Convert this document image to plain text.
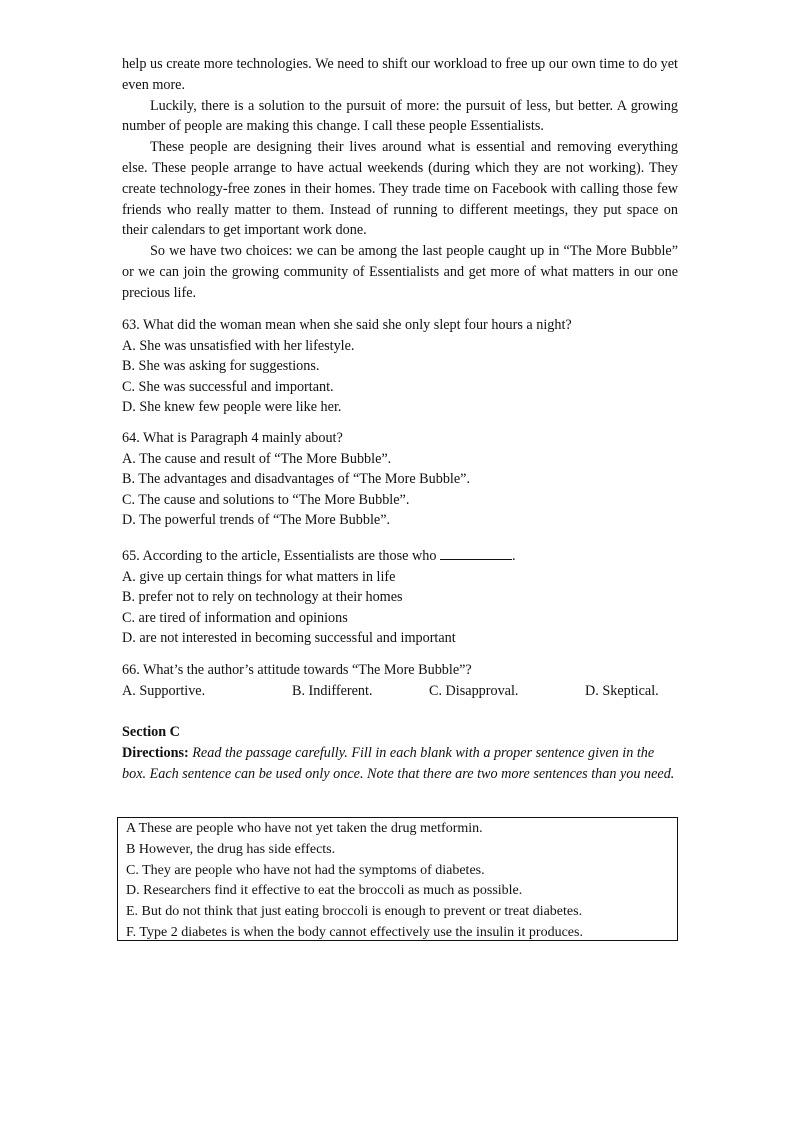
help us create more technologies. We need to shift our workload to free up our own time to do yet even more.

Luckily, there is a solution to the pursuit of more: the pursuit of less, but better. A growing number of people are making this change. I call these people Essentialists.

These people are designing their lives around what is essential and removing everything else. These people arrange to have actual weekends (during which they are not working). They create technology-free zones in their homes. They trade time on Facebook with calling those few friends who really matter to them. Instead of running to different meetings, they put space on their calendars to get important work done.

So we have two choices: we can be among the last people caught up in “The More Bubble” or we can join the growing community of Essentialists and get more of what matters in our one precious life.

63. What did the woman mean when she said she only slept four hours a night?
A. She was unsatisfied with her lifestyle.
B. She was asking for suggestions.
C. She was successful and important.
D. She knew few people were like her.
64. What is Paragraph 4 mainly about?
A. The cause and result of “The More Bubble”.
B. The advantages and disadvantages of “The More Bubble”.
C. The cause and solutions to “The More Bubble”.
D. The powerful trends of “The More Bubble”.
65. According to the article, Essentialists are those who	.
A. give up certain things for what matters in life
B. prefer not to rely on technology at their homes
C. are tired of information and opinions
D. are not interested in becoming successful and important
66. What’s the author’s attitude towards “The More Bubble”?
A. Supportive.	B. Indifferent.	C. Disapproval.	D. Skeptical.

Section C

Directions: Read the passage carefully. Fill in each blank with a proper sentence given in the box. Each sentence can be used only once. Note that there are two more sentences than you need.

A These are people who have not yet taken the drug metformin.
B However, the drug has side effects.
C. They are people who have not had the symptoms of diabetes.
D. Researchers find it effective to eat the broccoli as much as possible.
E. But do not think that just eating broccoli is enough to prevent or treat diabetes.
F. Type 2 diabetes is when the body cannot effectively use the insulin it produces.
